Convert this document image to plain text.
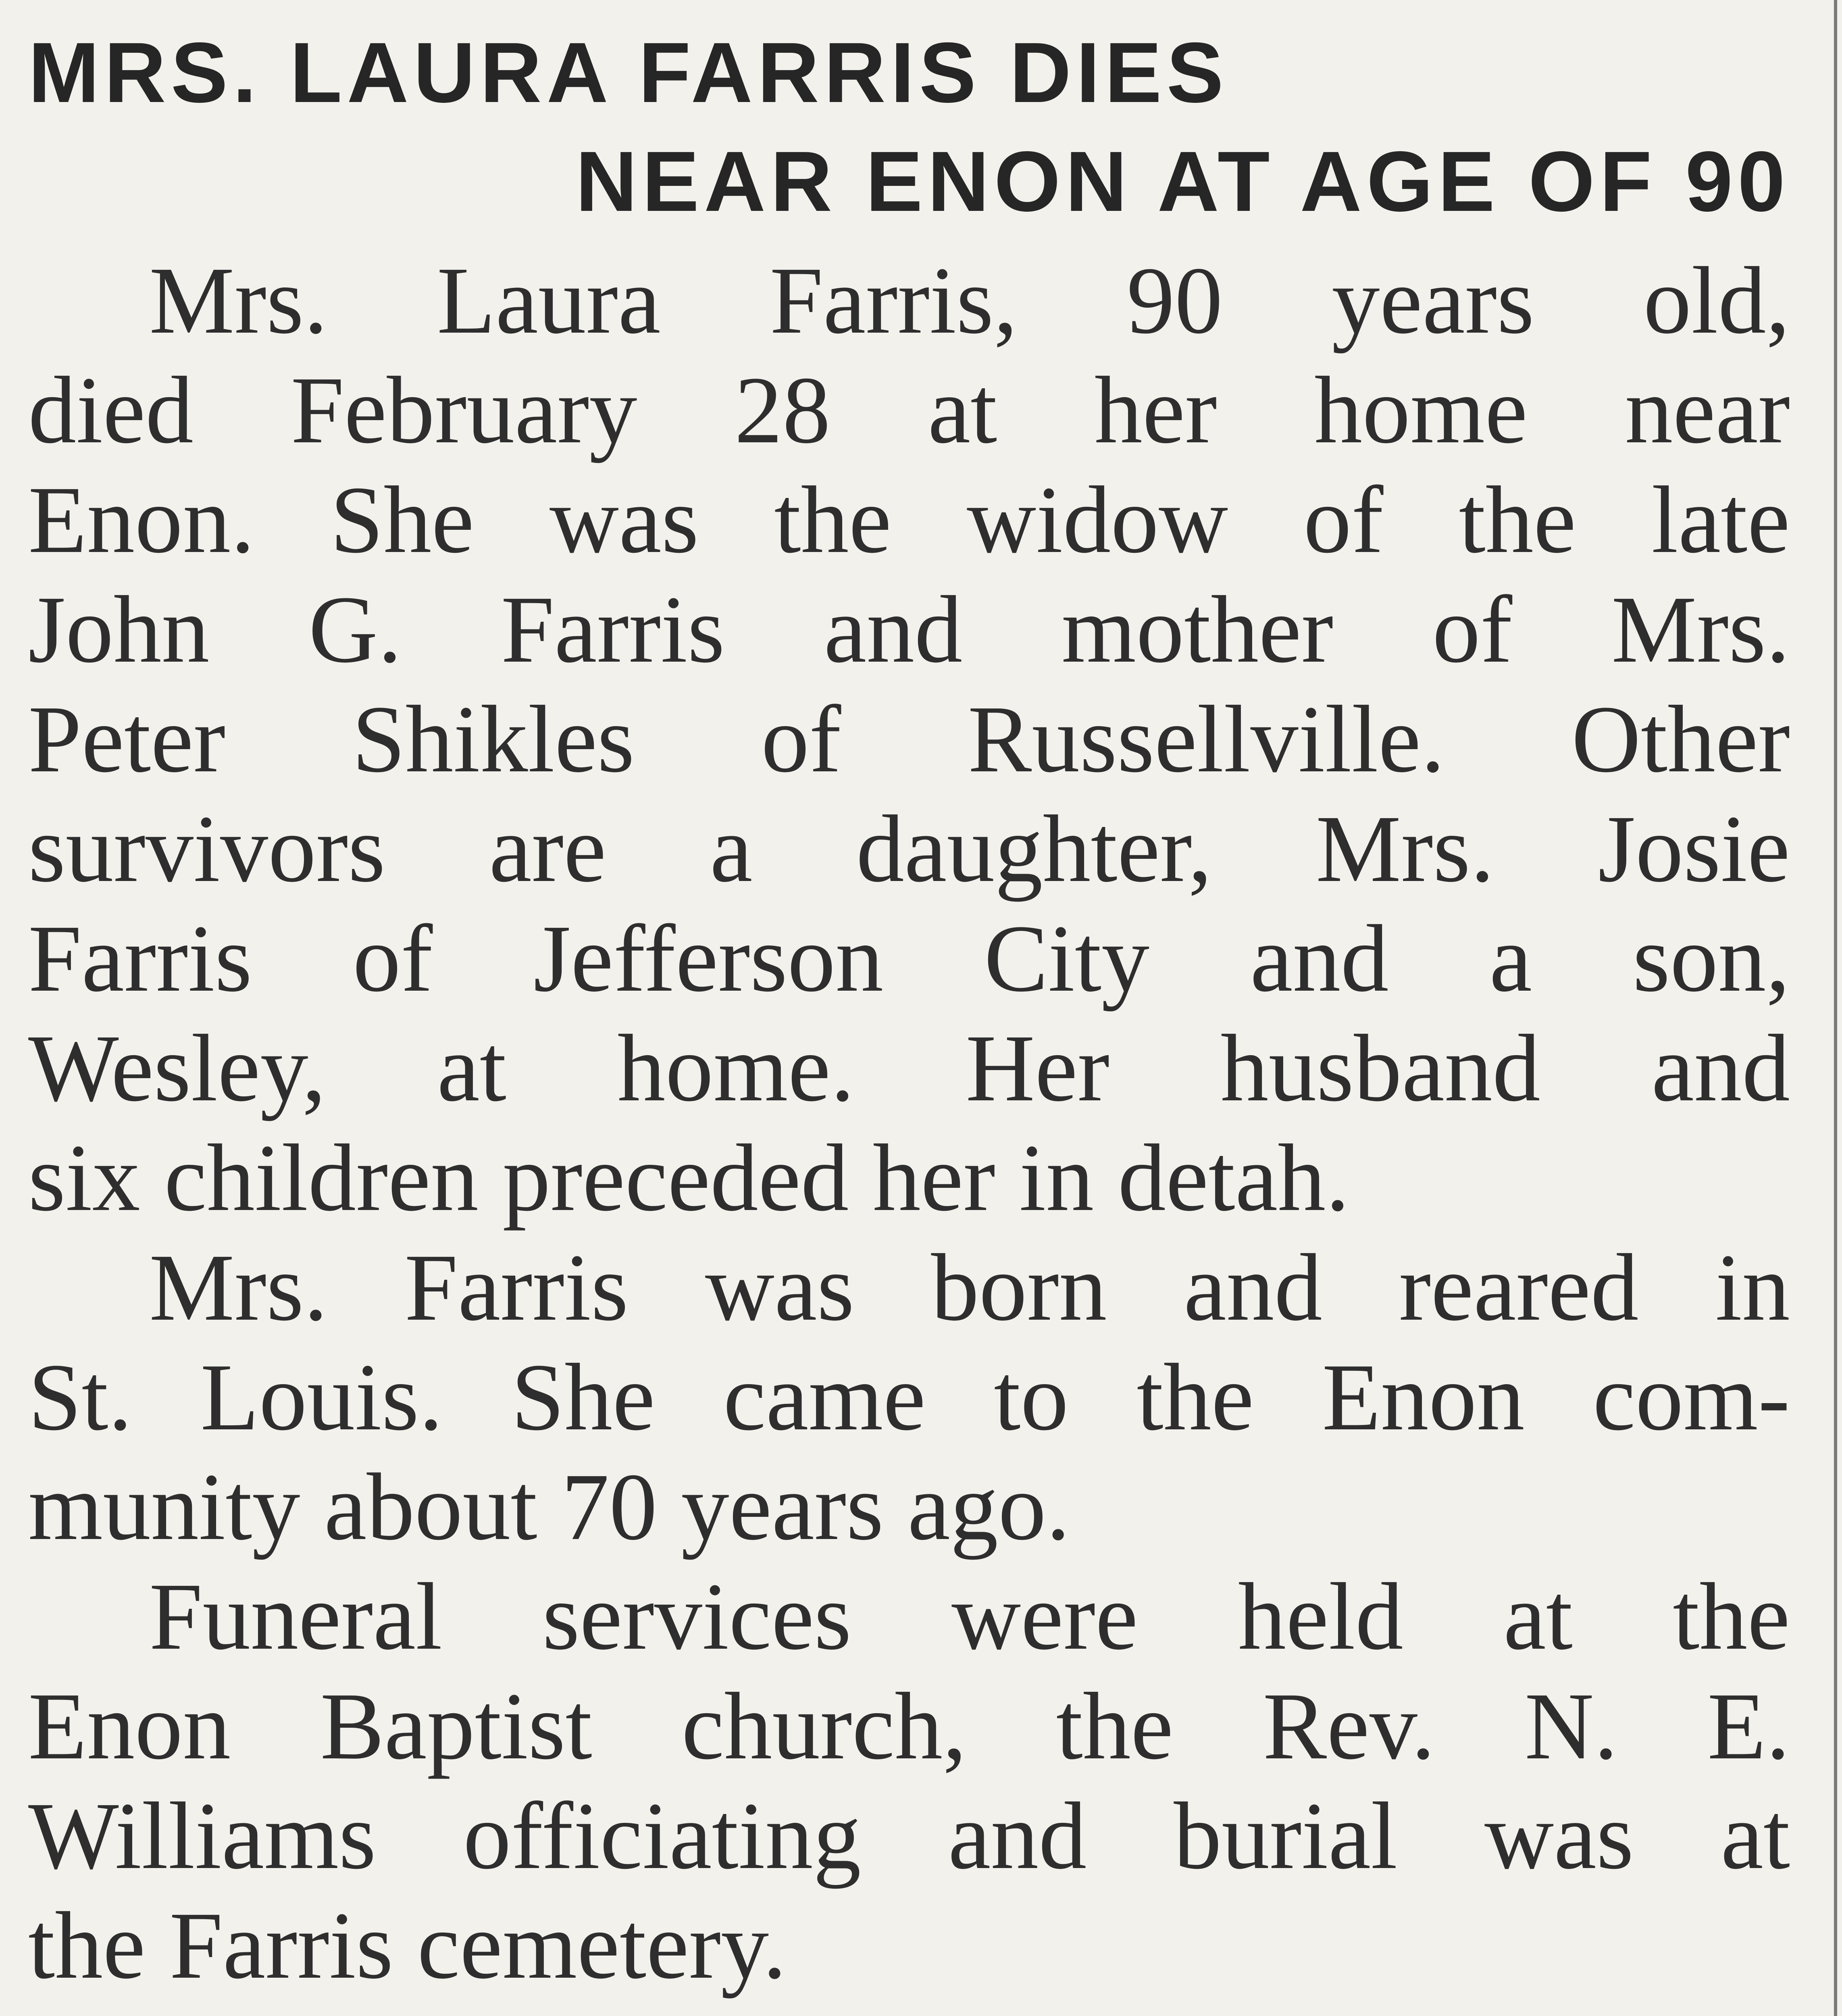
MRS. LAURA FARRIS DIES
NEAR ENON AT AGE OF 90
Mrs. Laura Farris, 90 years old,
died February 28 at her home near
Enon. She was the widow of the late
John G. Farris and mother of Mrs.
Peter Shikles of Russellville. Other
survivors are a daughter, Mrs. Josie
Farris of Jefferson City and a son,
Wesley, at home. Her husband and
six children preceded her in detah.
Mrs. Farris was born and reared in
St. Louis. She came to the Enon com-
munity about 70 years ago.
Funeral services were held at the
Enon Baptist church, the Rev. N. E.
Williams officiating and burial was at
the Farris cemetery.
